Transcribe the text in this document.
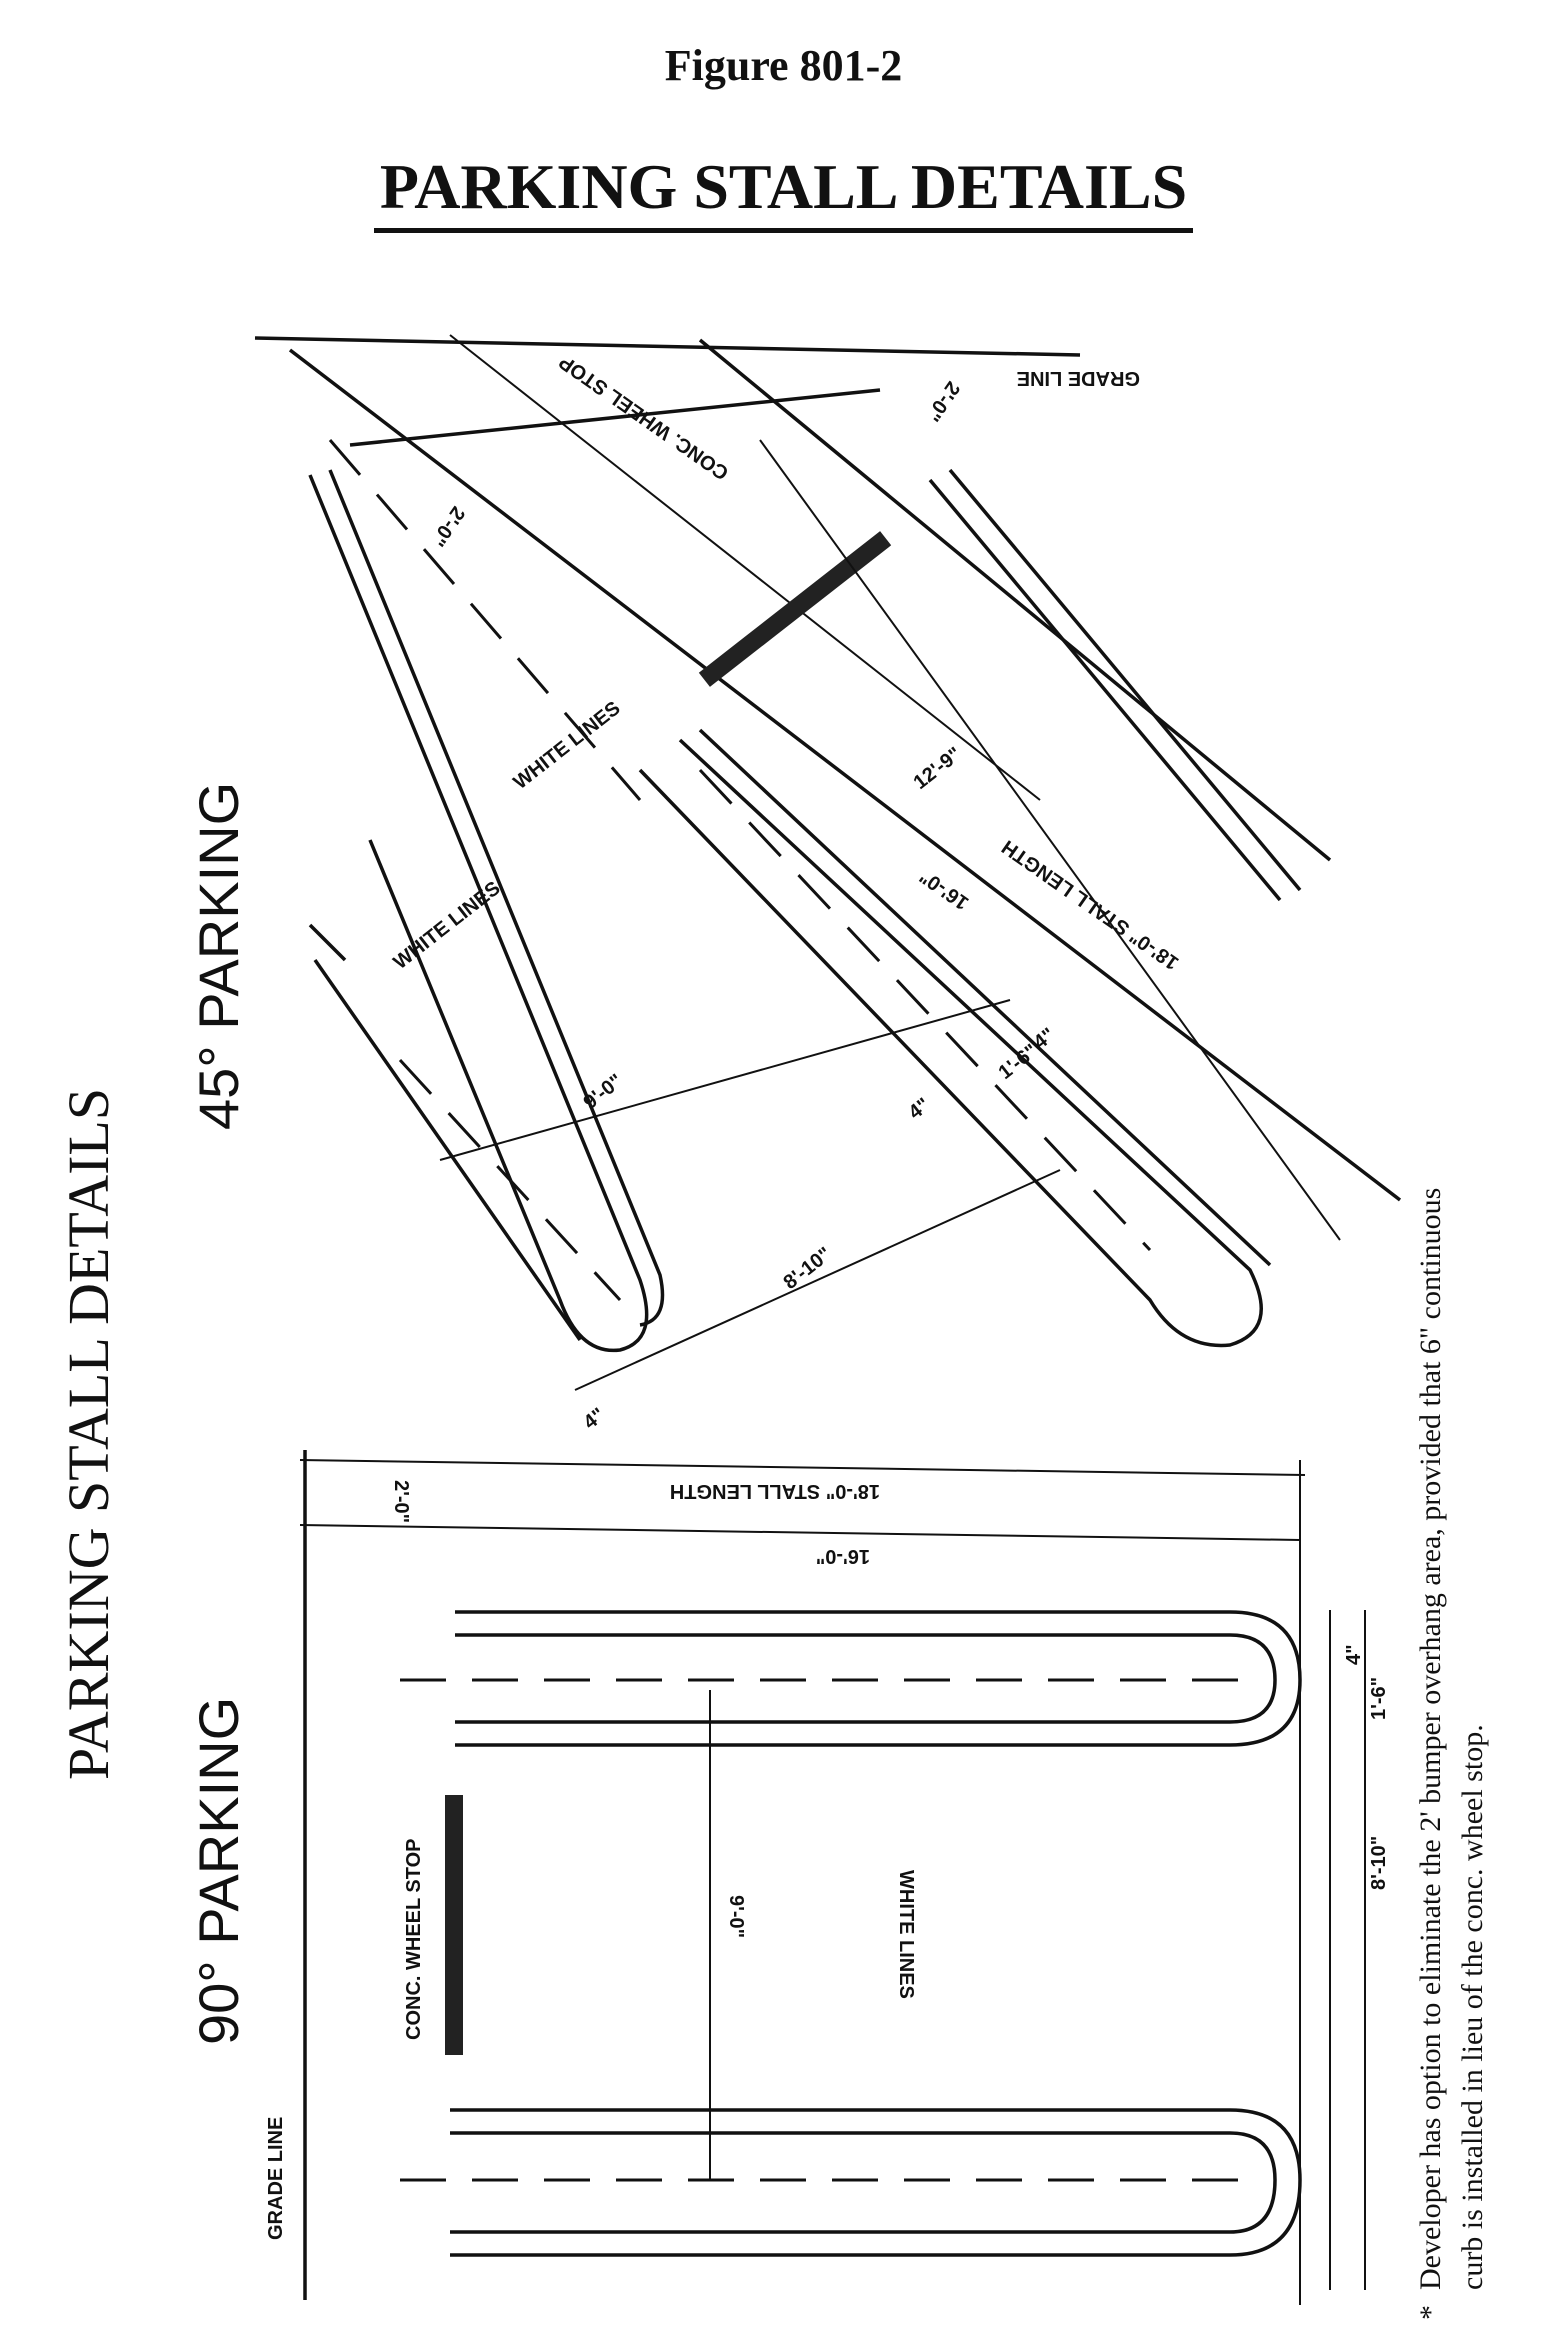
Figure 801-2
PARKING STALL DETAILS
PARKING STALL DETAILS
45° PARKING
GRADE LINE
2'-0"
2'-0"
CONC. WHEEL STOP
WHITE LINES
WHITE LINES
12'-9"
16'-0" 18'-0" STALL LENGTH
9'-0"
1'-6"
4"
4"
8'-10"
4"
90° PARKING
GRADE LINE
CONC. WHEEL STOP
18'-0" STALL LENGTH
16'-0"
2'-0"
WHITE LINES
9'-0"
8'-10"
1'-6"
4"
*
Developer has option to eliminate the 2' bumper overhang area, provided that 6" continuous curb is installed in lieu of the conc. wheel stop.
